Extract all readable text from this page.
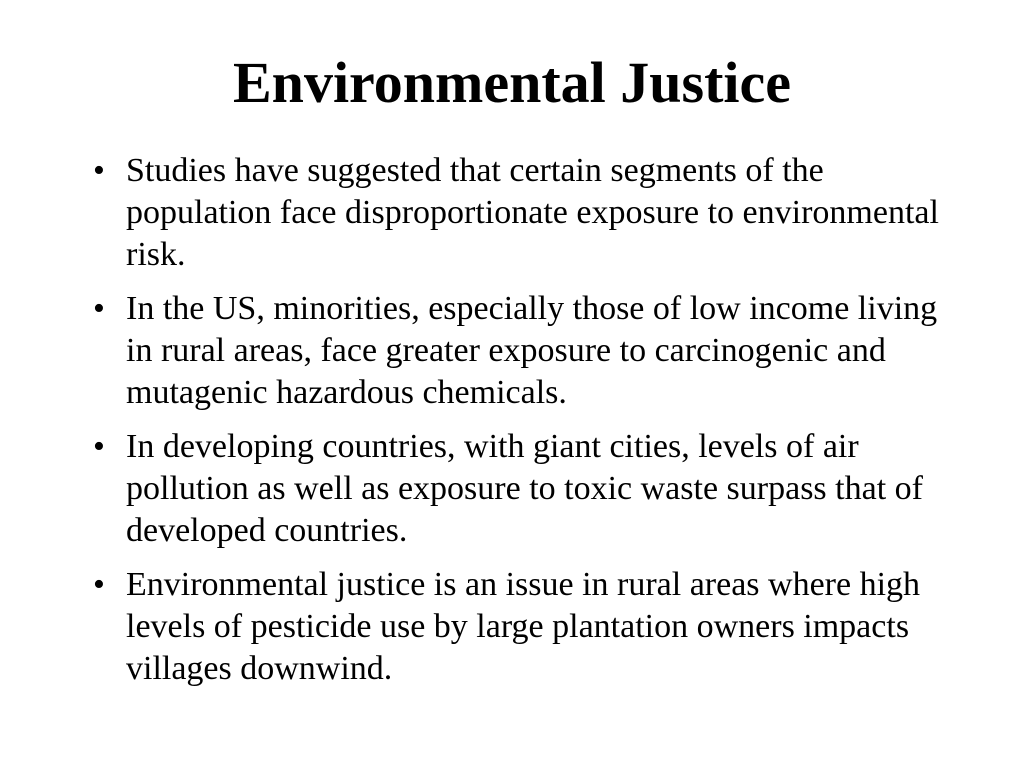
Environmental Justice
• Studies have suggested that certain segments of the population face disproportionate exposure to environmental risk.
• In the US, minorities, especially those of low income living in rural areas, face greater exposure to carcinogenic and mutagenic hazardous chemicals.
• In developing countries, with giant cities, levels of air pollution as well as exposure to toxic waste surpass that of developed countries.
• Environmental justice is an issue in rural areas where high levels of pesticide use by large plantation owners impacts villages downwind.
